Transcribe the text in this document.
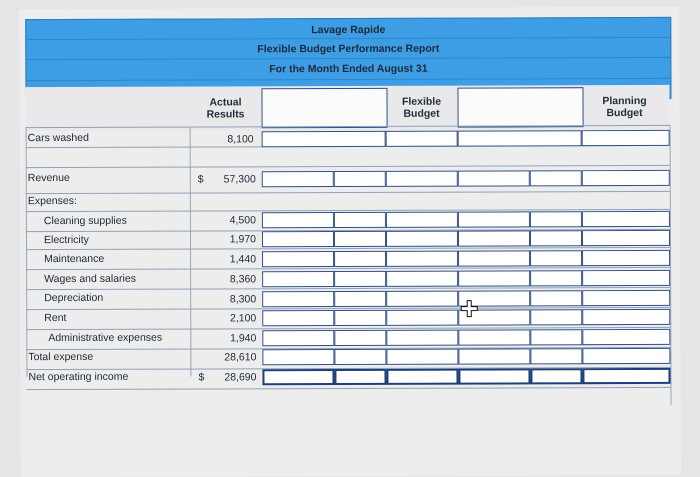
Lavage Rapide
Flexible Budget Performance Report
For the Month Ended August 31
Actual
Results
Flexible
Budget
Planning
Budget
Cars washed	8,100
Revenue	$	57,300
Expenses:
Cleaning supplies	4,500
Electricity	1,970
Maintenance	1,440
Wages and salaries	8,360
Depreciation	8,300
Rent	2,100
Administrative expenses	1,940
Total expense	28,610
Net operating income	$	28,690
